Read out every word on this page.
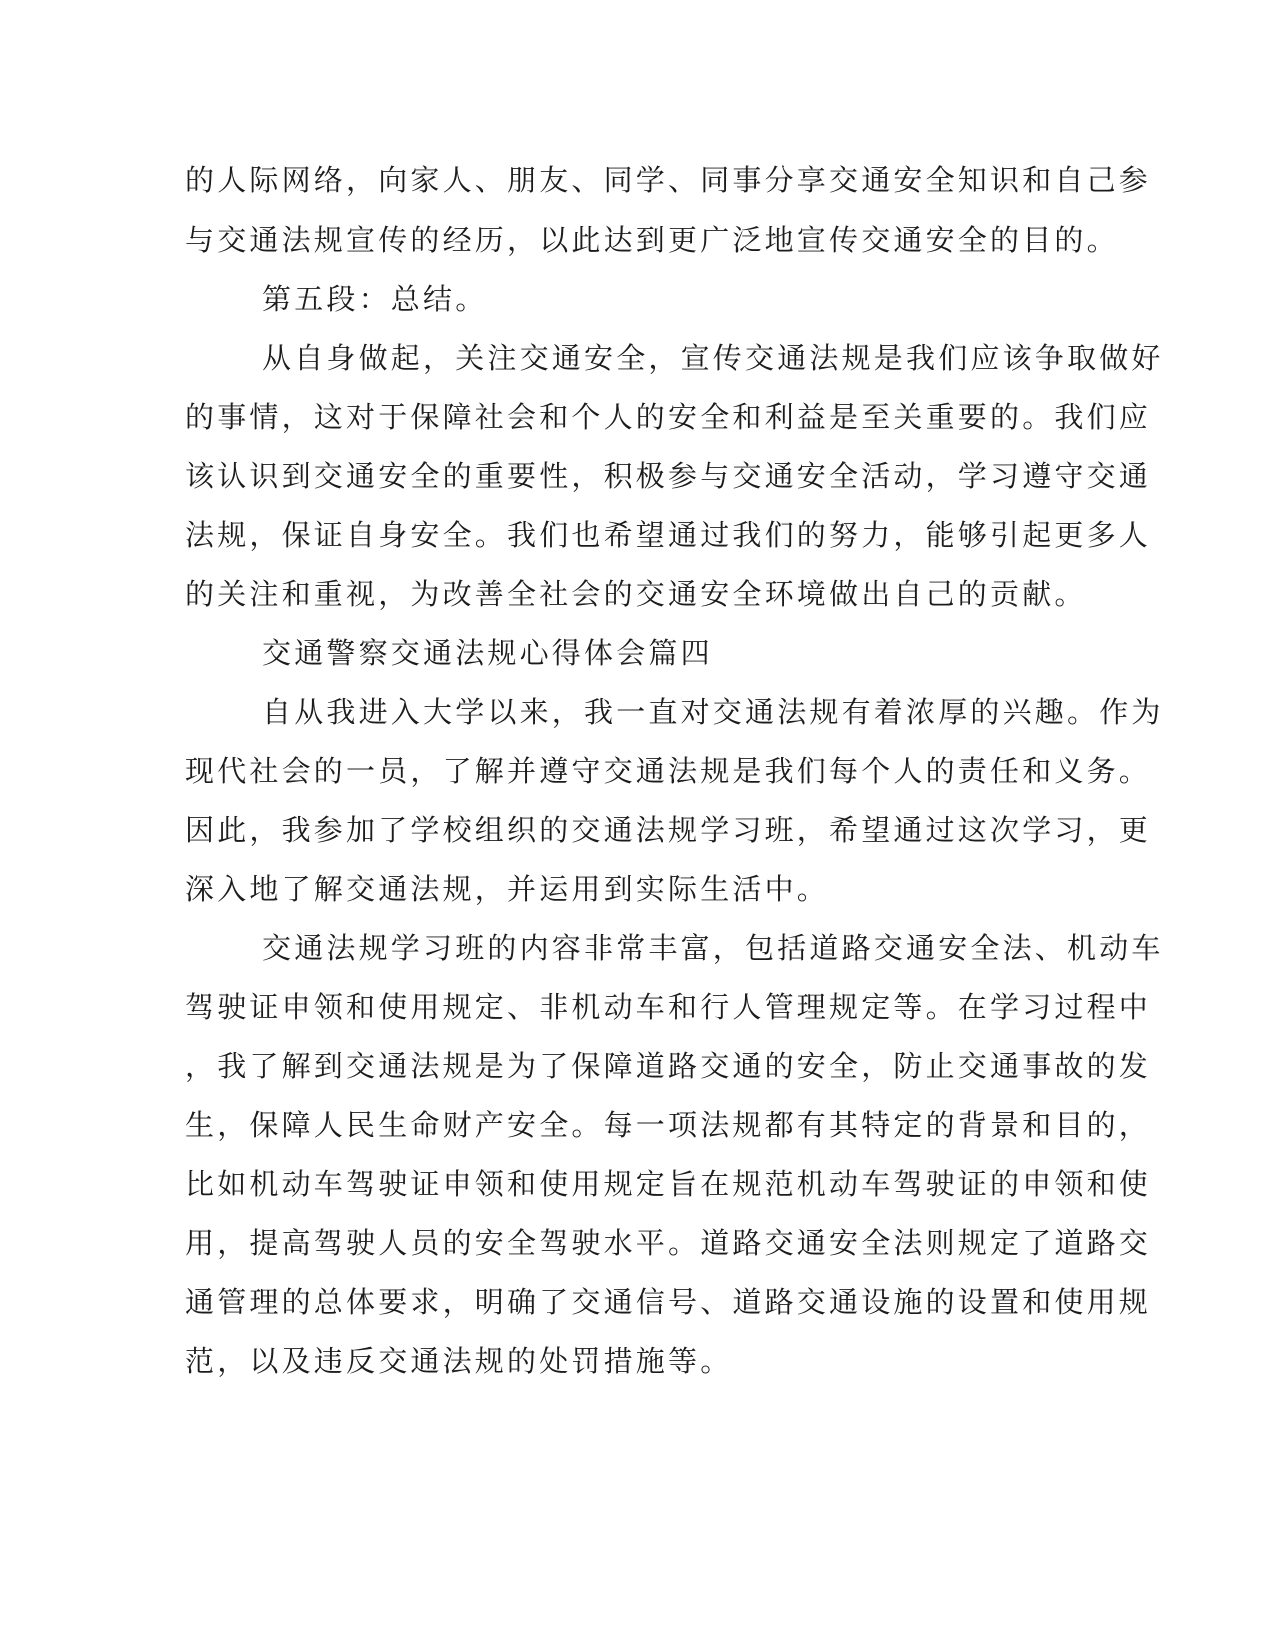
的人际网络，向家人、朋友、同学、同事分享交通安全知识和自己参
与交通法规宣传的经历，以此达到更广泛地宣传交通安全的目的。
第五段：总结。
从自身做起，关注交通安全，宣传交通法规是我们应该争取做好
的事情，这对于保障社会和个人的安全和利益是至关重要的。我们应
该认识到交通安全的重要性，积极参与交通安全活动，学习遵守交通
法规，保证自身安全。我们也希望通过我们的努力，能够引起更多人
的关注和重视，为改善全社会的交通安全环境做出自己的贡献。
交通警察交通法规心得体会篇四
自从我进入大学以来，我一直对交通法规有着浓厚的兴趣。作为
现代社会的一员，了解并遵守交通法规是我们每个人的责任和义务。
因此，我参加了学校组织的交通法规学习班，希望通过这次学习，更
深入地了解交通法规，并运用到实际生活中。
交通法规学习班的内容非常丰富，包括道路交通安全法、机动车
驾驶证申领和使用规定、非机动车和行人管理规定等。在学习过程中
，我了解到交通法规是为了保障道路交通的安全，防止交通事故的发
生，保障人民生命财产安全。每一项法规都有其特定的背景和目的，
比如机动车驾驶证申领和使用规定旨在规范机动车驾驶证的申领和使
用，提高驾驶人员的安全驾驶水平。道路交通安全法则规定了道路交
通管理的总体要求，明确了交通信号、道路交通设施的设置和使用规
范，以及违反交通法规的处罚措施等。
